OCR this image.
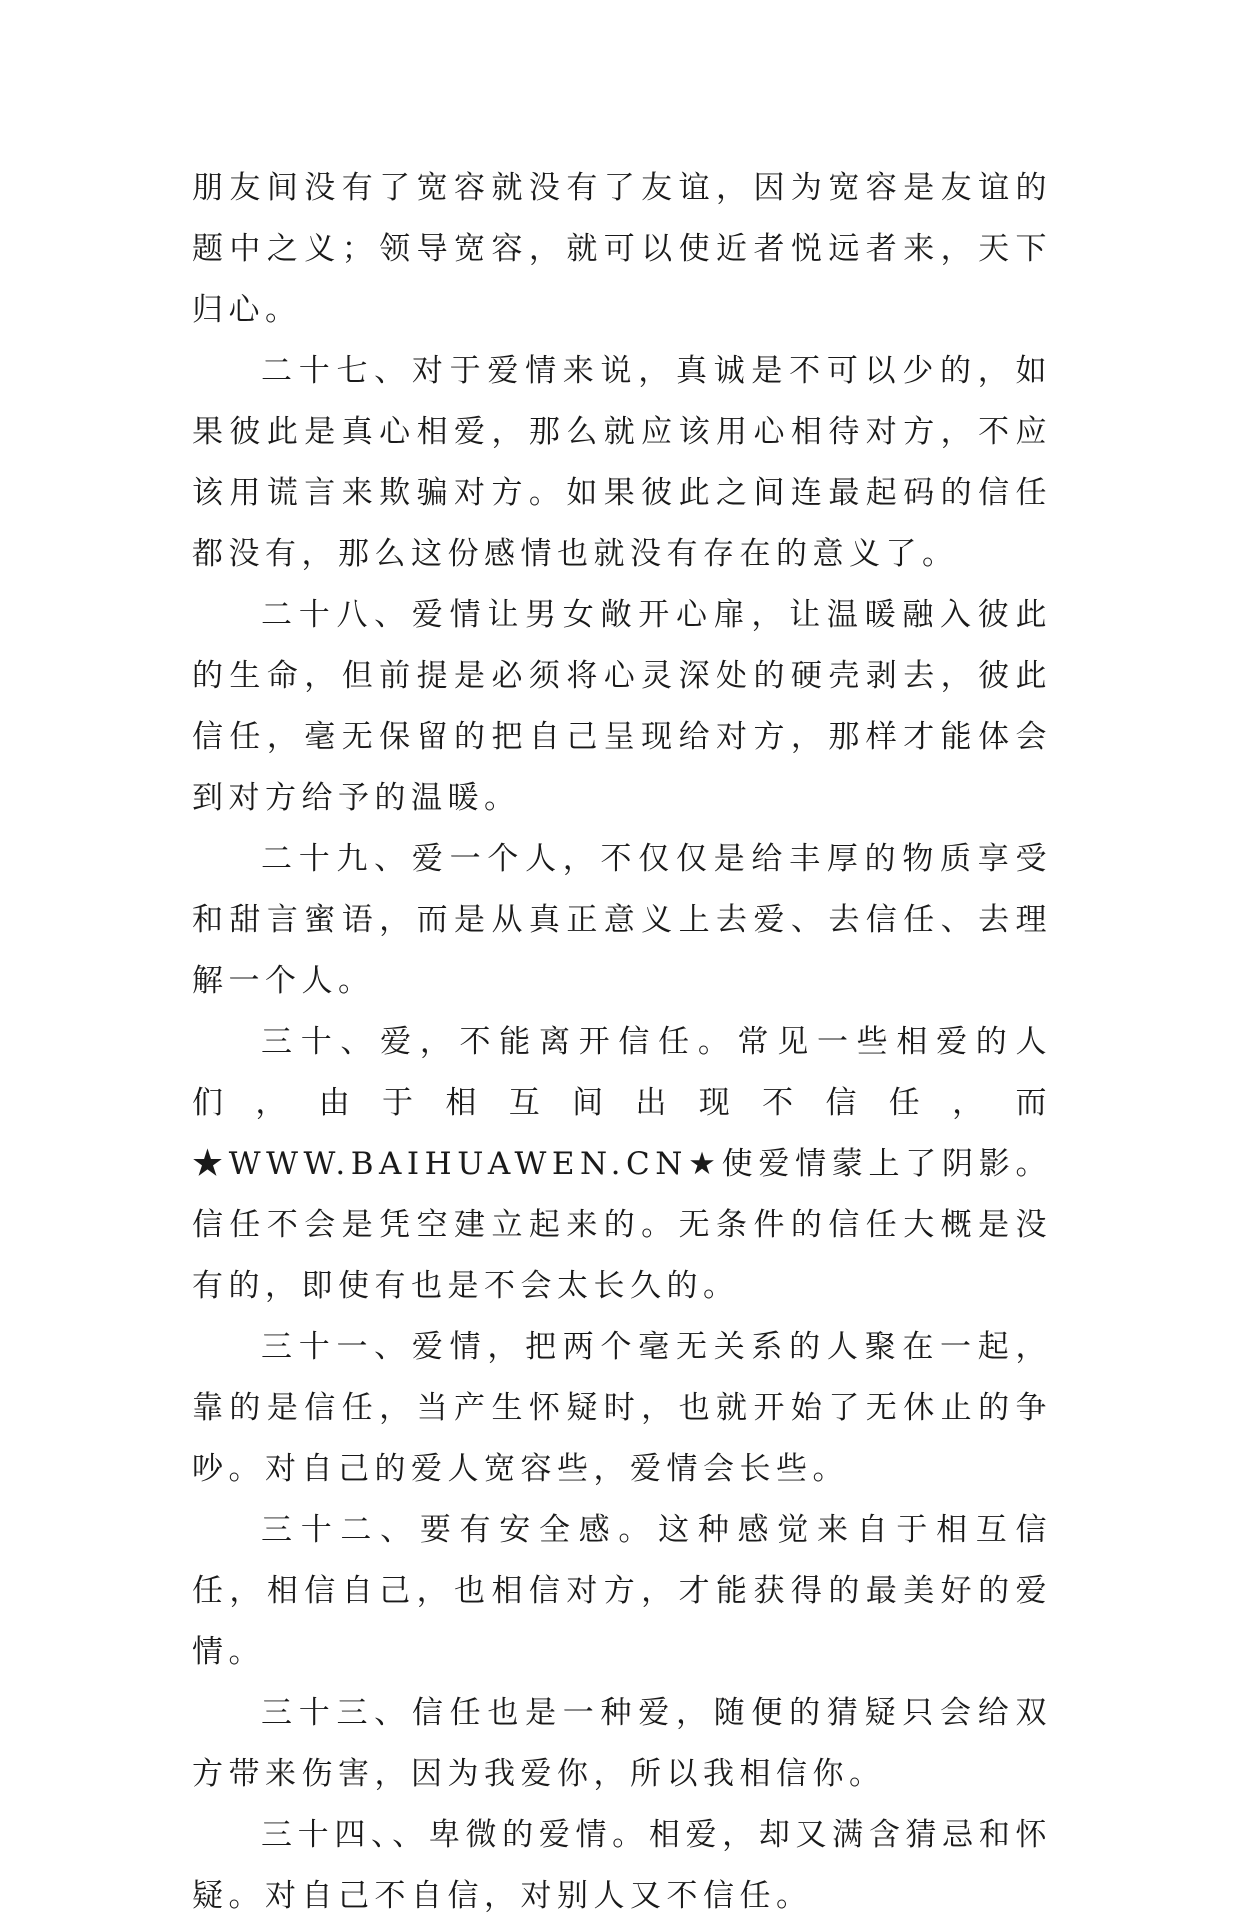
朋友间没有了宽容就没有了友谊，因为宽容是友谊的题中之义；领导宽容，就可以使近者悦远者来，天下归心。

二十七、对于爱情来说，真诚是不可以少的，如果彼此是真心相爱，那么就应该用心相待对方，不应该用谎言来欺骗对方。如果彼此之间连最起码的信任都没有，那么这份感情也就没有存在的意义了。

二十八、爱情让男女敞开心扉，让温暖融入彼此的生命，但前提是必须将心灵深处的硬壳剥去，彼此信任，毫无保留的把自己呈现给对方，那样才能体会到对方给予的温暖。

二十九、爱一个人，不仅仅是给丰厚的物质享受和甜言蜜语，而是从真正意义上去爱、去信任、去理解一个人。

三十、爱，不能离开信任。常见一些相爱的人们，由于相互间出现不信任，而★WWW.BAIHUAWEN.CN★使爱情蒙上了阴影。信任不会是凭空建立起来的。无条件的信任大概是没有的，即使有也是不会太长久的。

三十一、爱情，把两个毫无关系的人聚在一起，靠的是信任，当产生怀疑时，也就开始了无休止的争吵。对自己的爱人宽容些，爱情会长些。

三十二、要有安全感。这种感觉来自于相互信任，相信自己，也相信对方，才能获得的最美好的爱情。

三十三、信任也是一种爱，随便的猜疑只会给双方带来伤害，因为我爱你，所以我相信你。

三十四、、卑微的爱情。相爱，却又满含猜忌和怀疑。对自己不自信，对别人又不信任。
